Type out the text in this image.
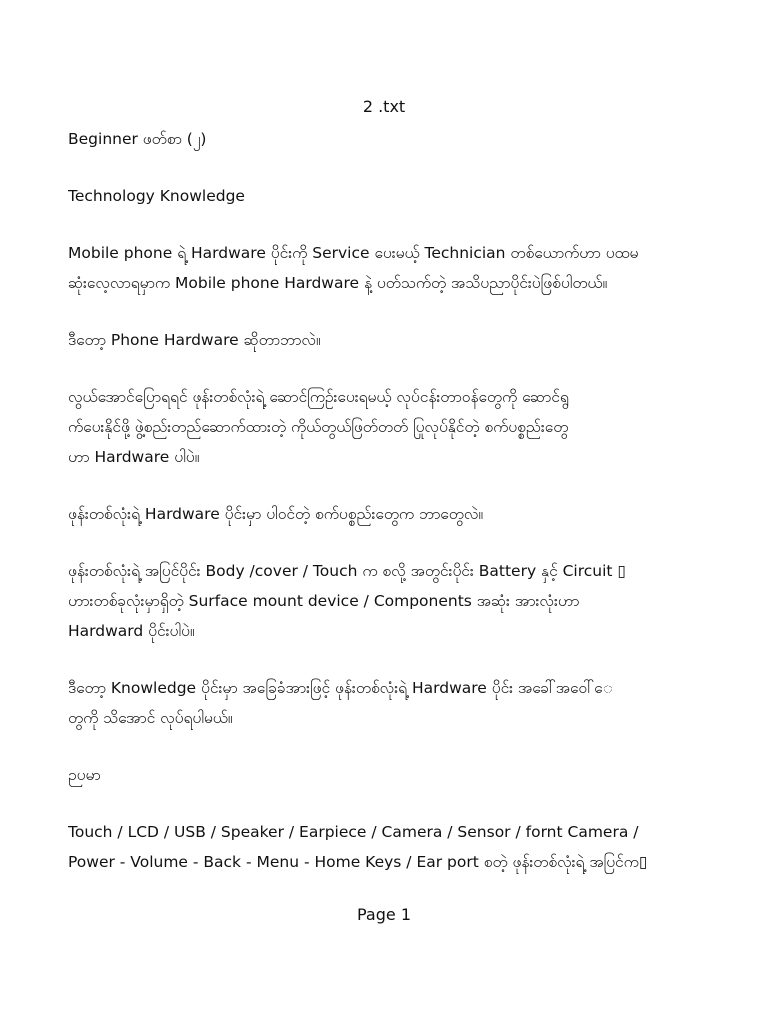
2 .txt
Beginner ဖတ်စာ (၂)
Technology Knowledge
Mobile phone ရဲ့ Hardware ပိုင်းကို Service ပေးမယ့် Technician တစ်ယောက်ဟာ ပထမ
ဆုံးလေ့လာရမှာက Mobile phone Hardware နဲ့ ပတ်သက်တဲ့ အသိပညာပိုင်းပဲဖြစ်ပါတယ်။
ဒီတော့ Phone Hardware ဆိုတာဘာလဲ။
လွယ်အောင်ပြောရရင် ဖုန်းတစ်လုံးရဲ့ ဆောင်ကြဉ်းပေးရမယ့် လုပ်ငန်းတာဝန်တွေကို ဆောင်ရွ
က်ပေးနိုင်ဖို့ ဖွဲ့စည်းတည်ဆောက်ထားတဲ့ ကိုယ်တွယ်ဖြတ်တတ် ပြုလုပ်နိုင်တဲ့ စက်ပစ္စည်းတွေ
ဟာ Hardware ပါပဲ။
ဖုန်းတစ်လုံးရဲ့ Hardware ပိုင်းမှာ ပါဝင်တဲ့ စက်ပစ္စည်းတွေက ဘာတွေလဲ။
ဖုန်းတစ်လုံးရဲ့ အပြင်ပိုင်း Body /cover / Touch က စလို့ အတွင်းပိုင်း Battery နှင့် Circuit ▯
ဟားတစ်ခုလုံးမှာရှိတဲ့ Surface mount device / Components အဆုံး အားလုံးဟာ
Hardward ပိုင်းပါပဲ။
ဒီတော့ Knowledge ပိုင်းမှာ အခြေခံအားဖြင့် ဖုန်းတစ်လုံးရဲ့ Hardware ပိုင်း အခေါ်အဝေါ်ေ
တွကို သိအောင် လုပ်ရပါမယ်။
ဉပမာ
Touch / LCD / USB / Speaker / Earpiece / Camera / Sensor / fornt Camera /
Power - Volume - Back - Menu - Home Keys / Ear port စတဲ့ ဖုန်းတစ်လုံးရဲ့ အပြင်က▯
Page 1
